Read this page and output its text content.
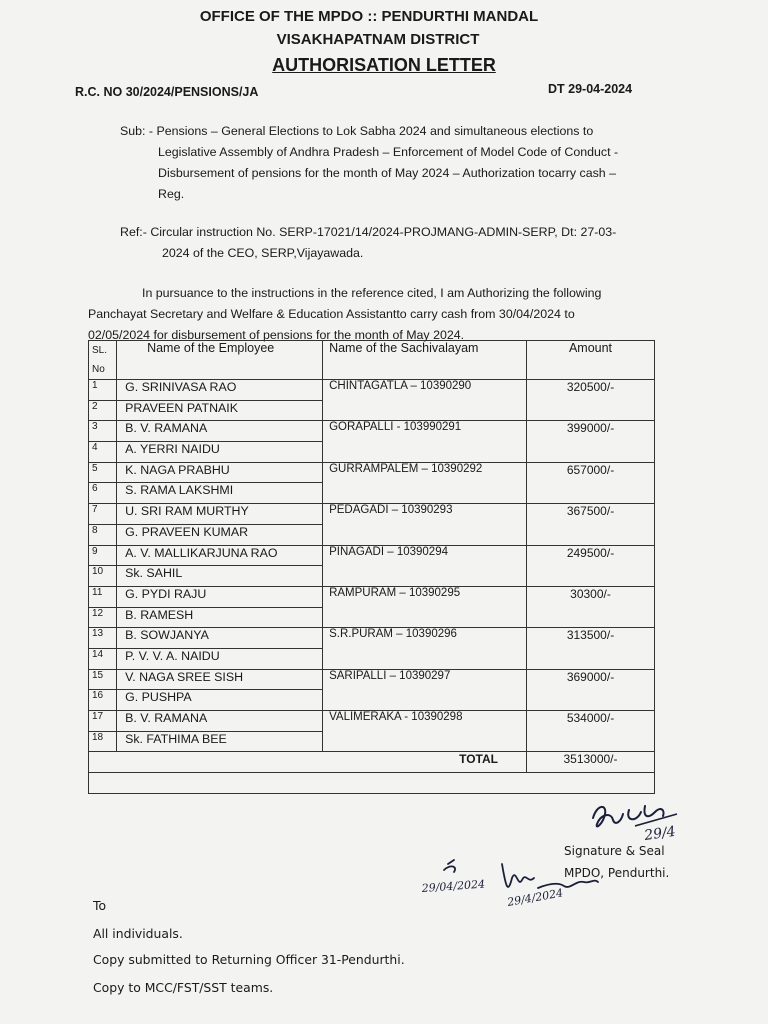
OFFICE OF THE MPDO :: PENDURTHI MANDAL
VISAKHAPATNAM DISTRICT
AUTHORISATION LETTER
R.C. NO 30/2024/PENSIONS/JA	DT 29-04-2024
Sub: - Pensions – General Elections to Lok Sabha 2024 and simultaneous elections to
Legislative Assembly of Andhra Pradesh – Enforcement of Model Code of Conduct -
Disbursement of pensions for the month of May 2024 – Authorization tocarry cash –
Reg.
Ref:- Circular instruction No. SERP-17021/14/2024-PROJMANG-ADMIN-SERP, Dt: 27-03-
2024 of the CEO, SERP,Vijayawada.
In pursuance to the instructions in the reference cited, I am Authorizing the following
Panchayat Secretary and Welfare & Education Assistantto carry cash from 30/04/2024 to
02/05/2024 for disbursement of pensions for the month of May 2024.
SL.
No	Name of the Employee	Name of the Sachivalayam	Amount
1	G. SRINIVASA RAO	CHINTAGATLA – 10390290	320500/-
2	PRAVEEN PATNAIK		
3	B. V. RAMANA	GORAPALLI - 103990291	399000/-
4	A. YERRI NAIDU		
5	K. NAGA PRABHU	GURRAMPALEM – 10390292	657000/-
6	S. RAMA LAKSHMI		
7	U. SRI RAM MURTHY	PEDAGADI – 10390293	367500/-
8	G. PRAVEEN KUMAR		
9	A. V. MALLIKARJUNA RAO	PINAGADI – 10390294	249500/-
10	Sk. SAHIL		
11	G. PYDI RAJU	RAMPURAM – 10390295	30300/-
12	B. RAMESH		
13	B. SOWJANYA	S.R.PURAM – 10390296	313500/-
14	P. V. V. A. NAIDU		
15	V. NAGA SREE SISH	SARIPALLI – 10390297	369000/-
16	G. PUSHPA		
17	B. V. RAMANA	VALIMERAKA - 10390298	534000/-
18	Sk. FATHIMA BEE		
TOTAL			3513000/-

29/4
Signature & Seal
MPDO, Pendurthi.
29/04/2024
29/4/2024
To
All individuals.
Copy submitted to Returning Officer 31-Pendurthi.
Copy to MCC/FST/SST teams.
